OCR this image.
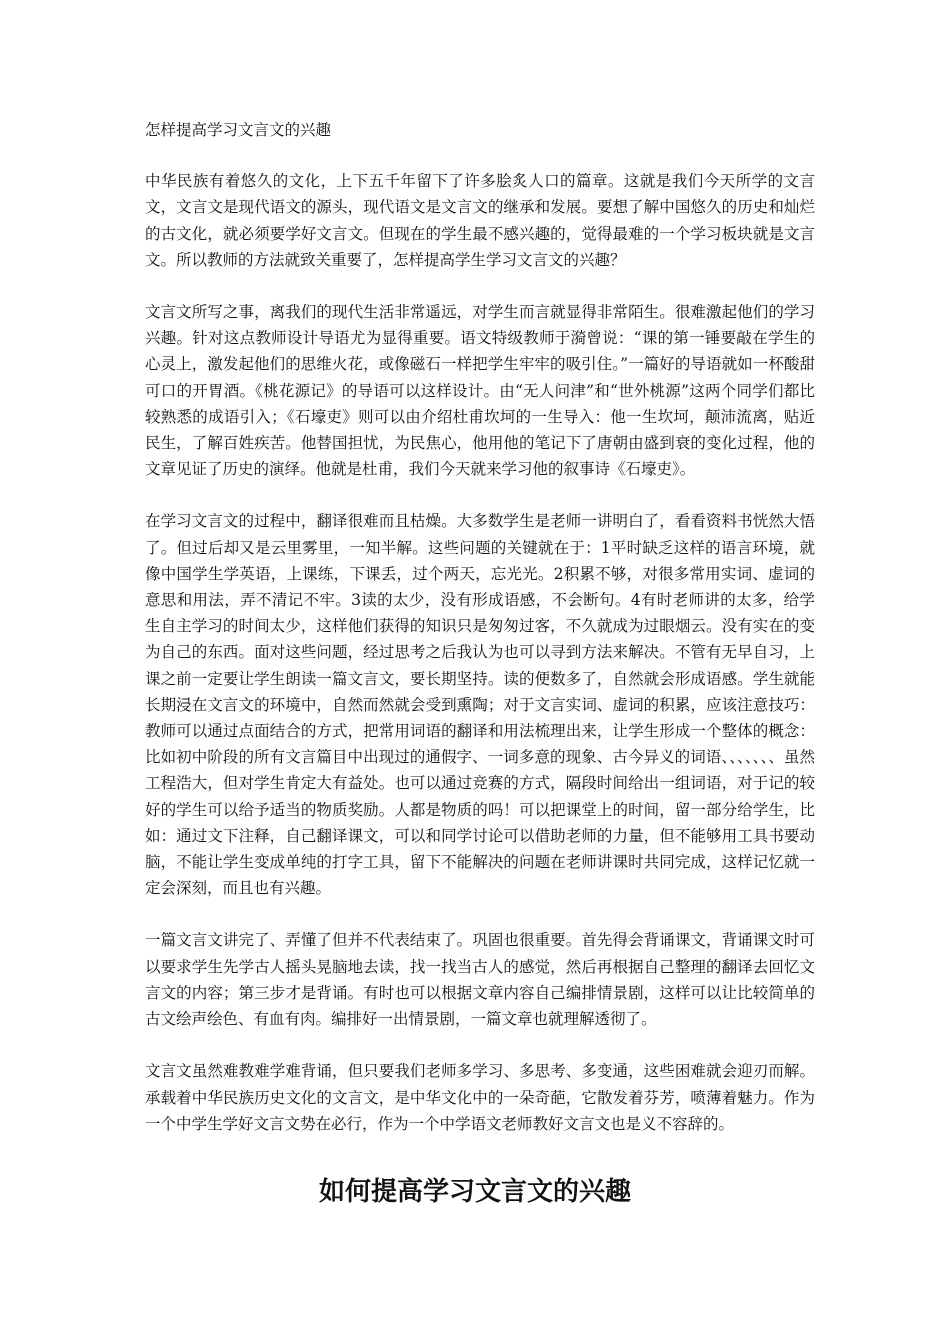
怎样提高学习文言文的兴趣

中华民族有着悠久的文化，上下五千年留下了许多脍炙人口的篇章。这就是我们今天所学的文言文，文言文是现代语文的源头，现代语文是文言文的继承和发展。要想了解中国悠久的历史和灿烂的古文化，就必须要学好文言文。但现在的学生最不感兴趣的，觉得最难的一个学习板块就是文言文。所以教师的方法就致关重要了，怎样提高学生学习文言文的兴趣？

文言文所写之事，离我们的现代生活非常遥远，对学生而言就显得非常陌生。很难激起他们的学习兴趣。针对这点教师设计导语尤为显得重要。语文特级教师于漪曾说：“课的第一锤要敲在学生的心灵上，激发起他们的思维火花，或像磁石一样把学生牢牢的吸引住。”一篇好的导语就如一杯酸甜可口的开胃酒。《桃花源记》的导语可以这样设计。由“无人问津”和“世外桃源”这两个同学们都比较熟悉的成语引入；《石壕吏》则可以由介绍杜甫坎坷的一生导入：他一生坎坷，颠沛流离，贴近民生，了解百姓疾苦。他替国担忧，为民焦心，他用他的笔记下了唐朝由盛到衰的变化过程，他的文章见证了历史的演绎。他就是杜甫，我们今天就来学习他的叙事诗《石壕吏》。

在学习文言文的过程中，翻译很难而且枯燥。大多数学生是老师一讲明白了，看看资料书恍然大悟了。但过后却又是云里雾里，一知半解。这些问题的关键就在于：1平时缺乏这样的语言环境，就像中国学生学英语，上课练，下课丢，过个两天，忘光光。2积累不够，对很多常用实词、虚词的意思和用法，弄不清记不牢。3读的太少，没有形成语感，不会断句。4有时老师讲的太多，给学生自主学习的时间太少，这样他们获得的知识只是匆匆过客，不久就成为过眼烟云。没有实在的变为自己的东西。面对这些问题，经过思考之后我认为也可以寻到方法来解决。不管有无早自习，上课之前一定要让学生朗读一篇文言文，要长期坚持。读的便数多了，自然就会形成语感。学生就能长期浸在文言文的环境中，自然而然就会受到熏陶；对于文言实词、虚词的积累，应该注意技巧：教师可以通过点面结合的方式，把常用词语的翻译和用法梳理出来，让学生形成一个整体的概念：比如初中阶段的所有文言篇目中出现过的通假字、一词多意的现象、古今异义的词语、、、、、、、虽然工程浩大，但对学生肯定大有益处。也可以通过竞赛的方式，隔段时间给出一组词语，对于记的较好的学生可以给予适当的物质奖励。人都是物质的吗！可以把课堂上的时间，留一部分给学生，比如：通过文下注释，自己翻译课文，可以和同学讨论可以借助老师的力量，但不能够用工具书要动脑，不能让学生变成单纯的打字工具，留下不能解决的问题在老师讲课时共同完成，这样记忆就一定会深刻，而且也有兴趣。

一篇文言文讲完了、弄懂了但并不代表结束了。巩固也很重要。首先得会背诵课文，背诵课文时可以要求学生先学古人摇头晃脑地去读，找一找当古人的感觉，然后再根据自己整理的翻译去回忆文言文的内容；第三步才是背诵。有时也可以根据文章内容自己编排情景剧，这样可以让比较简单的古文绘声绘色、有血有肉。编排好一出情景剧，一篇文章也就理解透彻了。

文言文虽然难教难学难背诵，但只要我们老师多学习、多思考、多变通，这些困难就会迎刃而解。承载着中华民族历史文化的文言文，是中华文化中的一朵奇葩，它散发着芬芳，喷薄着魅力。作为一个中学生学好文言文势在必行，作为一个中学语文老师教好文言文也是义不容辞的。

如何提高学习文言文的兴趣
